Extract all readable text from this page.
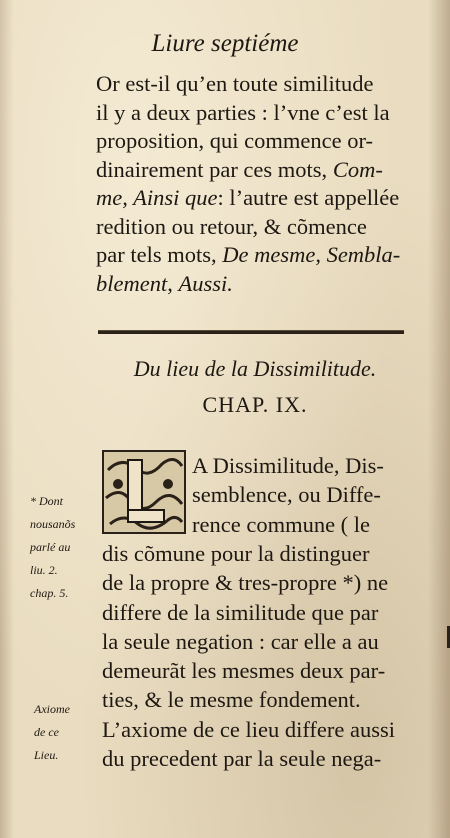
Liure septiéme
Or est-il qu’en toute similitude
il y a deux parties : l’vne c’est la
proposition, qui commence or-
dinairement par ces mots, Com-
me, Ainsi que: l’autre est appellée
redition ou retour, & cõmence
par tels mots, De mesme, Sembla-
blement, Aussi.
Du lieu de la Dissimilitude.
CHAP. IX.
L
A Dissimilitude, Dis-
semblence, ou Diffe-
rence commune ( le
dis cõmune pour la distinguer
de la propre & tres-propre *) ne
differe de la similitude que par
la seule negation : car elle a au
demeurãt les mesmes deux par-
ties, & le mesme fondement.
L’axiome de ce lieu differe aussi
du precedent par la seule nega-
* Dont
nousanõs
parlé au
liu. 2.
chap. 5.
Axiome
de ce
Lieu.
